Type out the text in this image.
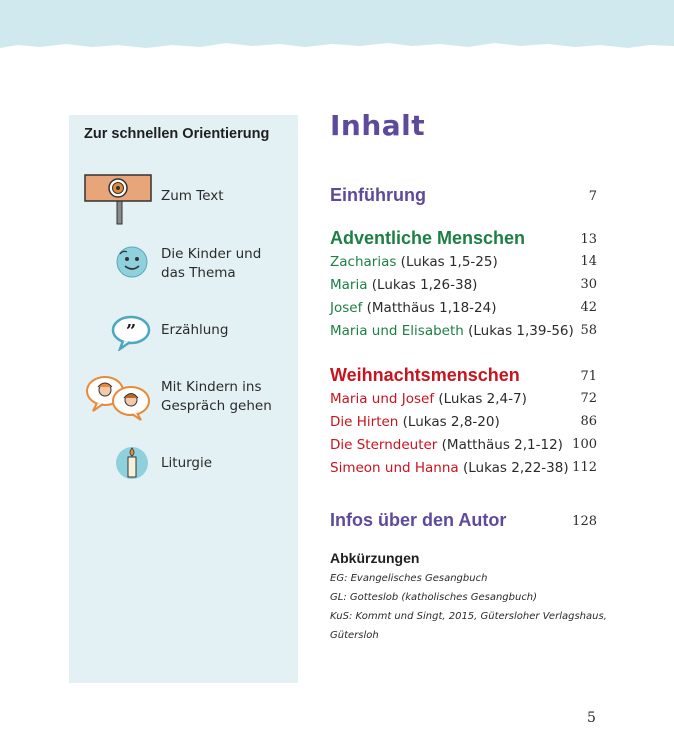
Zur schnellen Orientierung
Zum Text
Die Kinder und
das Thema
” Erzählung
Mit Kindern ins
Gespräch gehen
Liturgie
Inhalt
Einführung	7
Adventliche Menschen	13
Zacharias (Lukas 1,5-25)	14
Maria (Lukas 1,26-38)	30
Josef (Matthäus 1,18-24)	42
Maria und Elisabeth (Lukas 1,39-56) 58
Weihnachtsmenschen	71
Maria und Josef (Lukas 2,4-7)	72
Die Hirten (Lukas 2,8-20)	86
Die Sterndeuter (Matthäus 2,1-12) 100
Simeon und Hanna (Lukas 2,22-38) 112
Infos über den Autor	128
Abkürzungen
EG: Evangelisches Gesangbuch
GL: Gotteslob (katholisches Gesangbuch)
KuS: Kommt und Singt, 2015, Gütersloher Verlagshaus,
Gütersloh
5
